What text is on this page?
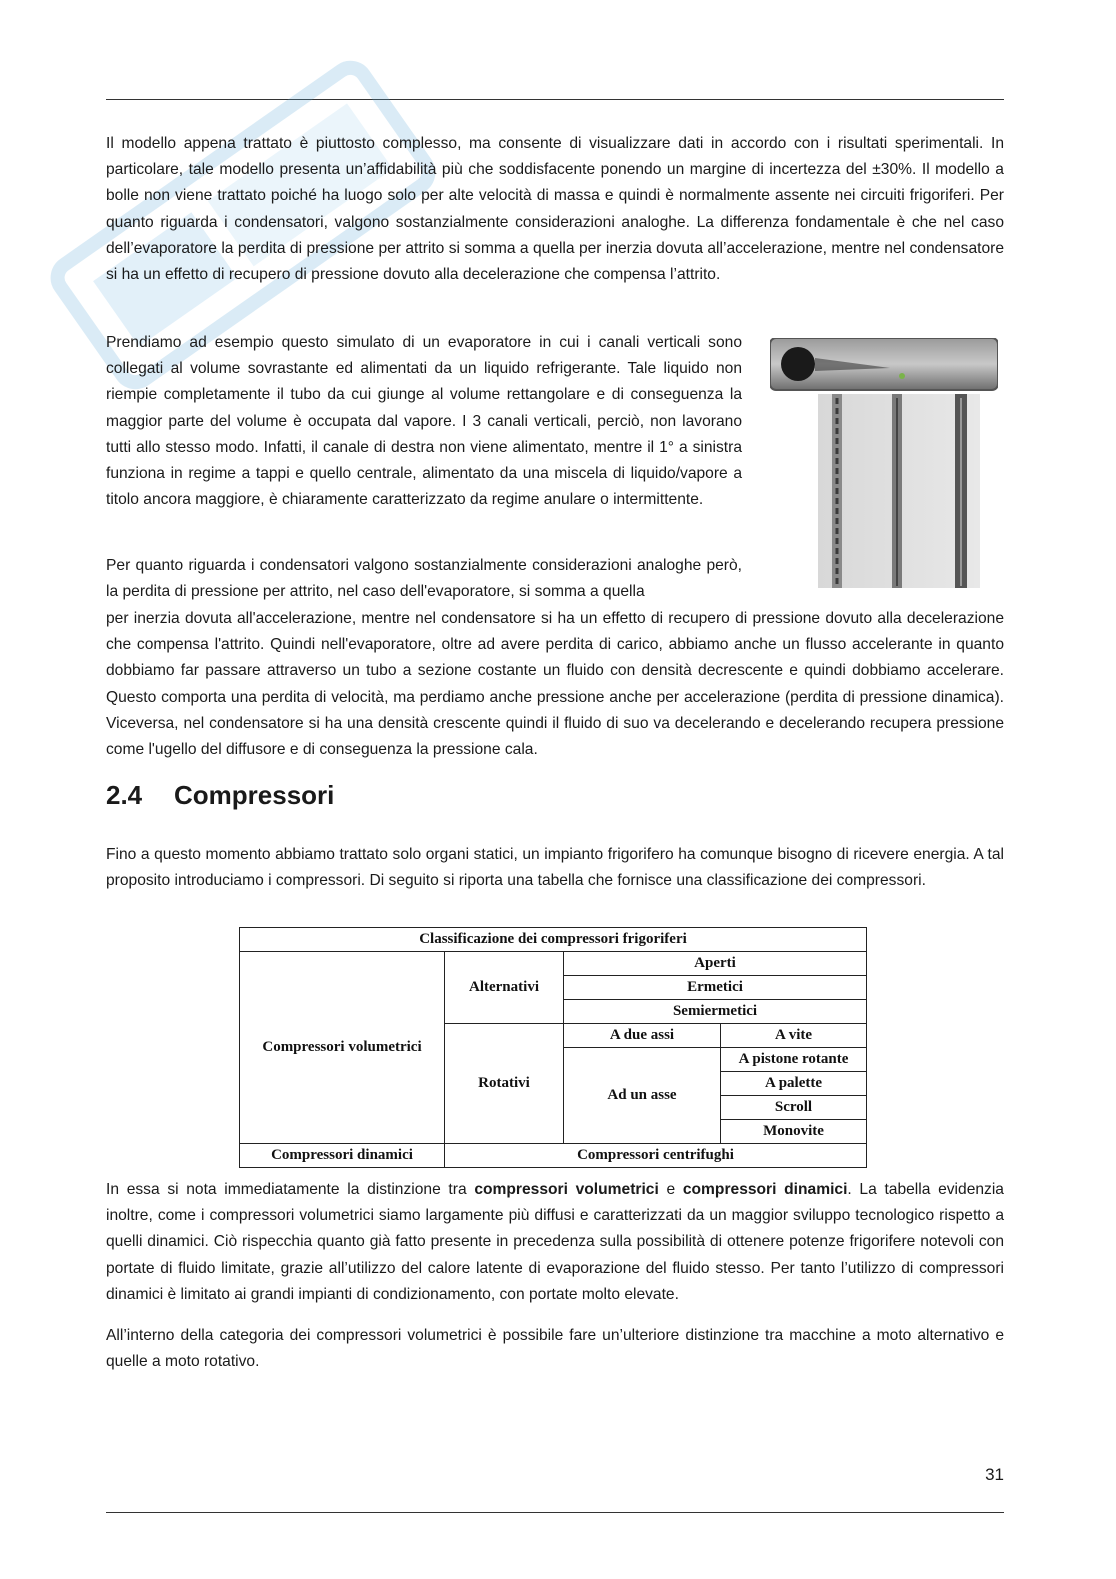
Il modello appena trattato è piuttosto complesso, ma consente di visualizzare dati in accordo con i risultati sperimentali. In particolare, tale modello presenta un’affidabilità più che soddisfacente ponendo un margine di incertezza del ±30%. Il modello a bolle non viene trattato poiché ha luogo solo per alte velocità di massa e quindi è normalmente assente nei circuiti frigoriferi. Per quanto riguarda i condensatori, valgono sostanzialmente considerazioni analoghe. La differenza fondamentale è che nel caso dell’evaporatore la perdita di pressione per attrito si somma a quella per inerzia dovuta all’accelerazione, mentre nel condensatore si ha un effetto di recupero di pressione dovuto alla decelerazione che compensa l’attrito.

Prendiamo ad esempio questo simulato di un evaporatore in cui i canali verticali sono collegati al volume sovrastante ed alimentati da un liquido refrigerante. Tale liquido non riempie completamente il tubo da cui giunge al volume rettangolare e di conseguenza la maggior parte del volume è occupata dal vapore. I 3 canali verticali, perciò, non lavorano tutti allo stesso modo. Infatti, il canale di destra non viene alimentato, mentre il 1° a sinistra funziona in regime a tappi e quello centrale, alimentato da una miscela di liquido/vapore a titolo ancora maggiore, è chiaramente caratterizzato da regime anulare o intermittente.

Per quanto riguarda i condensatori valgono sostanzialmente considerazioni analoghe però, la perdita di pressione per attrito, nel caso dell'evaporatore, si somma a quella

per inerzia dovuta all'accelerazione, mentre nel condensatore si ha un effetto di recupero di pressione dovuto alla decelerazione che compensa l'attrito. Quindi nell'evaporatore, oltre ad avere perdita di carico, abbiamo anche un flusso accelerante in quanto dobbiamo far passare attraverso un tubo a sezione costante un fluido con densità decrescente e quindi dobbiamo accelerare. Questo comporta una perdita di velocità, ma perdiamo anche pressione anche per accelerazione (perdita di pressione dinamica). Viceversa, nel condensatore si ha una densità crescente quindi il fluido di suo va decelerando e decelerando recupera pressione come l'ugello del diffusore e di conseguenza la pressione cala.

2.4 Compressori

Fino a questo momento abbiamo trattato solo organi statici, un impianto frigorifero ha comunque bisogno di ricevere energia. A tal proposito introduciamo i compressori. Di seguito si riporta una tabella che fornisce una classificazione dei compressori.

Classificazione dei compressori frigoriferi			
Compressori volumetrici	Alternativi	Aperti	
		Ermetici	
		Semiermetici	
	Rotativi	A due assi	A vite
		Ad un asse	A pistone rotante
			A palette
			Scroll
			Monovite
Compressori dinamici	Compressori centrifughi		

In essa si nota immediatamente la distinzione tra compressori volumetrici e compressori dinamici. La tabella evidenzia inoltre, come i compressori volumetrici siamo largamente più diffusi e caratterizzati da un maggior sviluppo tecnologico rispetto a quelli dinamici. Ciò rispecchia quanto già fatto presente in precedenza sulla possibilità di ottenere potenze frigorifere notevoli con portate di fluido limitate, grazie all’utilizzo del calore latente di evaporazione del fluido stesso. Per tanto l’utilizzo di compressori dinamici è limitato ai grandi impianti di condizionamento, con portate molto elevate.

All’interno della categoria dei compressori volumetrici è possibile fare un’ulteriore distinzione tra macchine a moto alternativo e quelle a moto rotativo.

31
